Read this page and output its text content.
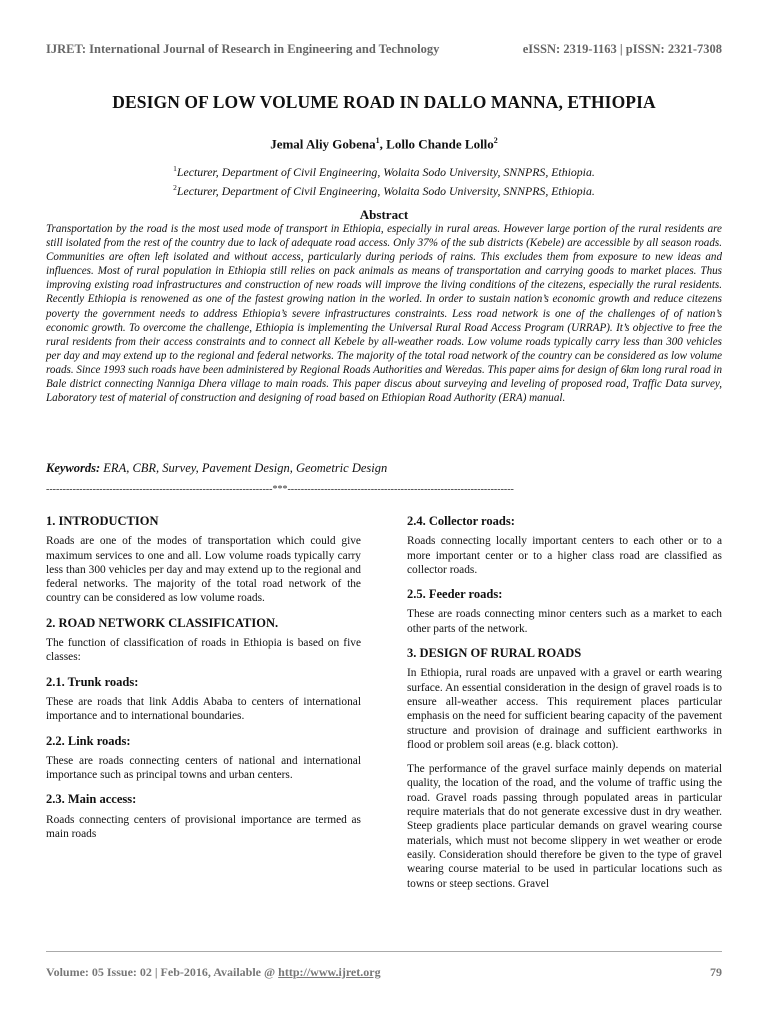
IJRET: International Journal of Research in Engineering and Technology	eISSN: 2319-1163 | pISSN: 2321-7308
DESIGN OF LOW VOLUME ROAD IN DALLO MANNA, ETHIOPIA
Jemal Aliy Gobena$^1$, Lollo Chande Lollo$^2$
$^1$Lecturer, Department of Civil Engineering, Wolaita Sodo University, SNNPRS, Ethiopia.
$^2$Lecturer, Department of Civil Engineering, Wolaita Sodo University, SNNPRS, Ethiopia.
Abstract

Transportation by the road is the most used mode of transport in Ethiopia, especially in rural areas. However large portion of the rural residents are still isolated from the rest of the country due to lack of adequate road access. Only 37% of the sub districts (Kebele) are accessible by all season roads. Communities are often left isolated and without access, particularly during periods of rains. This excludes them from exposure to new ideas and influences. Most of rural population in Ethiopia still relies on pack animals as means of transportation and carrying goods to market places. Thus improving existing road infrastructures and construction of new roads will improve the living conditions of the citezens, especially the rural residents. Recently Ethiopia is renowened as one of the fastest growing nation in the worled. In order to sustain nation’s economic growth and reduce citezens poverty the government needs to address Ethiopia’s severe infrastructures constraints. Less road network is one of the challenges of of nation’s economic growth. To overcome the challenge, Ethiopia is implementing the Universal Rural Road Access Program (URRAP). It’s objective to free the rural residents from their access constraints and to connect all Kebele by all-weather roads. Low volume roads typically carry less than 300 vehicles per day and may extend up to the regional and federal networks. The majority of the total road network of the country can be considered as low volume roads. Since 1993 such roads have been administered by Regional Roads Authorities and Weredas. This paper aims for design of 6km long rural road in Bale district connecting Nanniga Dhera village to main roads. This paper discus about surveying and leveling of proposed road, Traffic Data survey, Laboratory test of material of construction and designing of road based on Ethiopian Road Authority (ERA) manual.

Keywords: ERA, CBR, Survey, Pavement Design, Geometric Design
--------------------------------------------------------------------***--------------------------------------------------------------------
1. INTRODUCTION

Roads are one of the modes of transportation which could give maximum services to one and all. Low volume roads typically carry less than 300 vehicles per day and may extend up to the regional and federal networks. The majority of the total road network of the country can be considered as low volume roads.

2. ROAD NETWORK CLASSIFICATION.

The function of classification of roads in Ethiopia is based on five classes:

2.1. Trunk roads:

These are roads that link Addis Ababa to centers of international importance and to international boundaries.

2.2. Link roads:

These are roads connecting centers of national and international importance such as principal towns and urban centers.

2.3. Main access:

Roads connecting centers of provisional importance are termed as main roads

2.4. Collector roads:

Roads connecting locally important centers to each other or to a more important center or to a higher class road are classified as collector roads.

2.5. Feeder roads:

These are roads connecting minor centers such as a market to each other parts of the network.

3. DESIGN OF RURAL ROADS

In Ethiopia, rural roads are unpaved with a gravel or earth wearing surface. An essential consideration in the design of gravel roads is to ensure all-weather access. This requirement places particular emphasis on the need for sufficient bearing capacity of the pavement structure and provision of drainage and sufficient earthworks in flood or problem soil areas (e.g. black cotton).

The performance of the gravel surface mainly depends on material quality, the location of the road, and the volume of traffic using the road. Gravel roads passing through populated areas in particular require materials that do not generate excessive dust in dry weather. Steep gradients place particular demands on gravel wearing course materials, which must not become slippery in wet weather or erode easily. Consideration should therefore be given to the type of gravel wearing course material to be used in particular locations such as towns or steep sections. Gravel

Volume: 05 Issue: 02 | Feb-2016, Available @ http://www.ijret.org	79
